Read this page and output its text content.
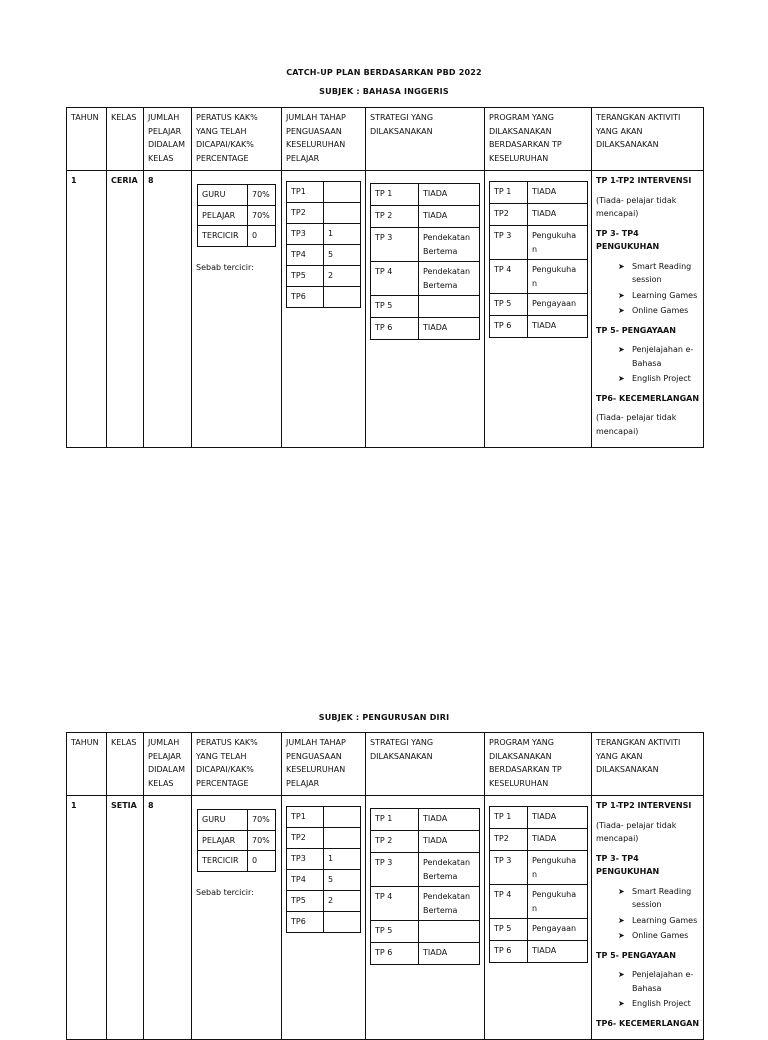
CATCH-UP PLAN BERDASARKAN PBD 2022
SUBJEK : BAHASA INGGERIS
SUBJEK : PENGURUSAN DIRI
TAHUN	KELAS	JUMLAH PELAJAR DIDALAM KELAS	PERATUS KAK% YANG TELAH DICAPAI/KAK% PERCENTAGE	JUMLAH TAHAP PENGUASAAN KESELURUHAN PELAJAR	STRATEGI YANG DILAKSANAKAN	PROGRAM YANG DILAKSANAKAN BERDASARKAN TP KESELURUHAN	TERANGKAN AKTIVITI YANG AKAN DILAKSANAKAN
1	CERIA	8	
GURU	70%
PELAJAR	70%
TERCICIR	0
Sebab tercicir:

TP1	
TP2	
TP3	1
TP4	5
TP5	2
TP6	

TP 1	TIADA
TP 2	TIADA
TP 3	Pendekatan Bertema
TP 4	Pendekatan Bertema
TP 5	
TP 6	TIADA

TP 1	TIADA
TP2	TIADA
TP 3	Pengukuha n
TP 4	Pengukuha n
TP 5	Pengayaan
TP 6	TIADA

TP 1-TP2 INTERVENSI

(Tiada- pelajar tidak mencapai)

TP 3- TP4 PENGUKUHAN

➤ Smart Reading session
➤ Learning Games
➤ Online Games

TP 5- PENGAYAAN

➤ Penjelajahan e-Bahasa
➤ English Project

TP6- KECEMERLANGAN

(Tiada- pelajar tidak mencapai)

TAHUN	KELAS	JUMLAH PELAJAR DIDALAM KELAS	PERATUS KAK% YANG TELAH DICAPAI/KAK% PERCENTAGE	JUMLAH TAHAP PENGUASAAN KESELURUHAN PELAJAR	STRATEGI YANG DILAKSANAKAN	PROGRAM YANG DILAKSANAKAN BERDASARKAN TP KESELURUHAN	TERANGKAN AKTIVITI YANG AKAN DILAKSANAKAN
1	SETIA	8	
GURU	70%
PELAJAR	70%
TERCICIR	0
Sebab tercicir:

TP1	
TP2	
TP3	1
TP4	5
TP5	2
TP6	

TP 1	TIADA
TP 2	TIADA
TP 3	Pendekatan Bertema
TP 4	Pendekatan Bertema
TP 5	
TP 6	TIADA

TP 1	TIADA
TP2	TIADA
TP 3	Pengukuha n
TP 4	Pengukuha n
TP 5	Pengayaan
TP 6	TIADA

TP 1-TP2 INTERVENSI

(Tiada- pelajar tidak mencapai)

TP 3- TP4 PENGUKUHAN

➤ Smart Reading session
➤ Learning Games
➤ Online Games

TP 5- PENGAYAAN

➤ Penjelajahan e-Bahasa
➤ English Project

TP6- KECEMERLANGAN
